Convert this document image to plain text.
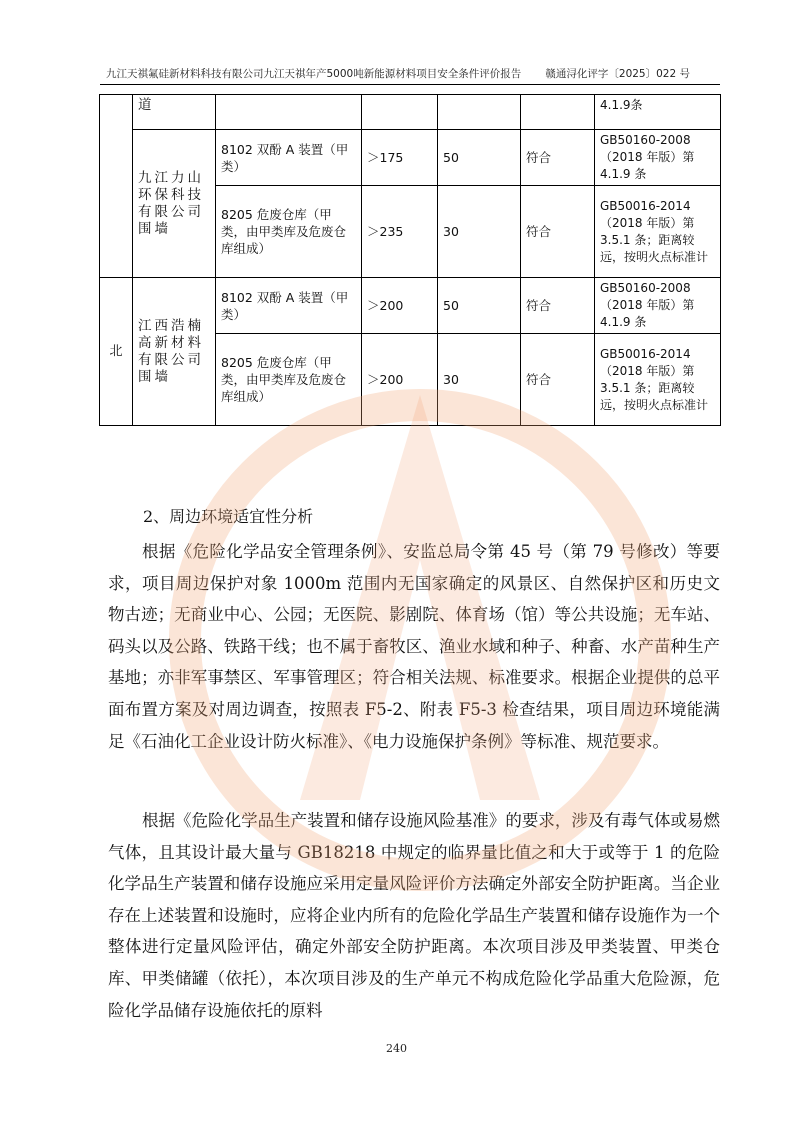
九江天祺氟硅新材料科技有限公司九江天祺年产5000吨新能源材料项目安全条件评价报告 赣通浔化评字〔2025〕022 号
	道					4.1.9条
	九江力山环保科技有限公司围墙	8102 双酚 A 装置（甲类）	＞175	50	符合	GB50160-2008（2018 年版）第 4.1.9 条
		8205 危废仓库（甲类，由甲类库及危废仓库组成）	＞235	30	符合	GB50016-2014（2018 年版）第 3.5.1 条；距离较远，按明火点标准计
北	江西浩楠高新材料有限公司围墙	8102 双酚 A 装置（甲类）	＞200	50	符合	GB50160-2008（2018 年版）第 4.1.9 条
		8205 危废仓库（甲类，由甲类库及危废仓库组成）	＞200	30	符合	GB50016-2014（2018 年版）第 3.5.1 条；距离较远，按明火点标准计
2、周边环境适宜性分析
根据《危险化学品安全管理条例》、安监总局令第 45 号（第 79 号修改）等要求，项目周边保护对象 1000m 范围内无国家确定的风景区、自然保护区和历史文物古迹；无商业中心、公园；无医院、影剧院、体育场（馆）等公共设施；无车站、码头以及公路、铁路干线；也不属于畜牧区、渔业水域和种子、种畜、水产苗种生产基地；亦非军事禁区、军事管理区；符合相关法规、标准要求。根据企业提供的总平面布置方案及对周边调查，按照表 F5-2、附表 F5-3 检查结果，项目周边环境能满足《石油化工企业设计防火标准》、《电力设施保护条例》等标准、规范要求。
根据《危险化学品生产装置和储存设施风险基准》的要求，涉及有毒气体或易燃气体，且其设计最大量与 GB18218 中规定的临界量比值之和大于或等于 1 的危险化学品生产装置和储存设施应采用定量风险评价方法确定外部安全防护距离。当企业存在上述装置和设施时，应将企业内所有的危险化学品生产装置和储存设施作为一个整体进行定量风险评估，确定外部安全防护距离。本次项目涉及甲类装置、甲类仓库、甲类储罐（依托），本次项目涉及的生产单元不构成危险化学品重大危险源，危险化学品储存设施依托的原料
240
